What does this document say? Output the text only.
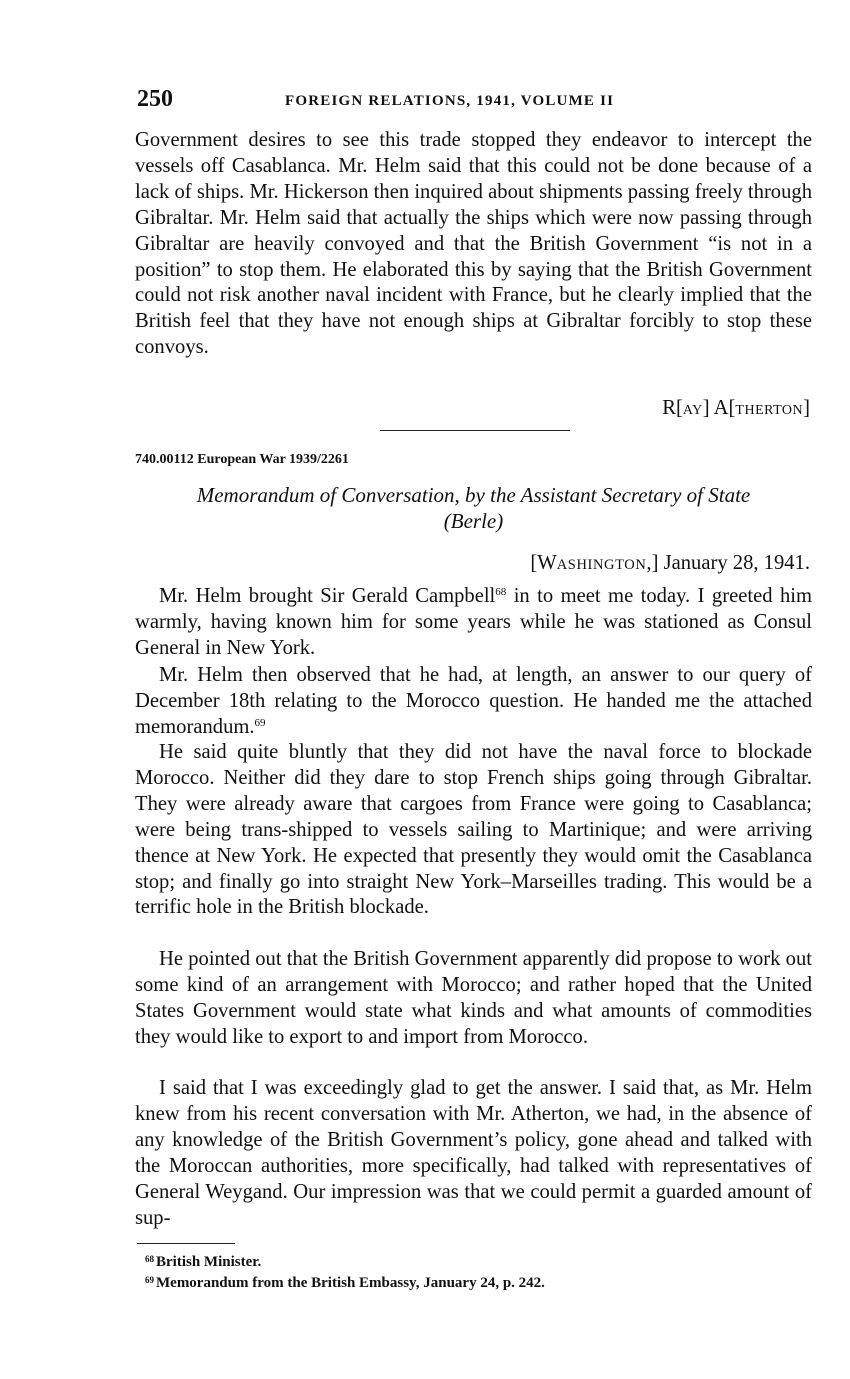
250	FOREIGN RELATIONS, 1941, VOLUME II

Government desires to see this trade stopped they endeavor to intercept the vessels off Casablanca. Mr. Helm said that this could not be done because of a lack of ships. Mr. Hickerson then inquired about shipments passing freely through Gibraltar. Mr. Helm said that actually the ships which were now passing through Gibraltar are heavily convoyed and that the British Government “is not in a position” to stop them. He elaborated this by saying that the British Government could not risk another naval incident with France, but he clearly implied that the British feel that they have not enough ships at Gibraltar forcibly to stop these convoys.

R[AY] A[THERTON]
740.00112 European War 1939/2261
Memorandum of Conversation, by the Assistant Secretary of State
(Berle)
[WASHINGTON,] January 28, 1941.

Mr. Helm brought Sir Gerald Campbell$^{68}$ in to meet me today. I greeted him warmly, having known him for some years while he was stationed as Consul General in New York.

Mr. Helm then observed that he had, at length, an answer to our query of December 18th relating to the Morocco question. He handed me the attached memorandum.$^{69}$

He said quite bluntly that they did not have the naval force to blockade Morocco. Neither did they dare to stop French ships going through Gibraltar. They were already aware that cargoes from France were going to Casablanca; were being trans-shipped to vessels sailing to Martinique; and were arriving thence at New York. He expected that presently they would omit the Casablanca stop; and finally go into straight New York–Marseilles trading. This would be a terrific hole in the British blockade.

He pointed out that the British Government apparently did propose to work out some kind of an arrangement with Morocco; and rather hoped that the United States Government would state what kinds and what amounts of commodities they would like to export to and import from Morocco.

I said that I was exceedingly glad to get the answer. I said that, as Mr. Helm knew from his recent conversation with Mr. Atherton, we had, in the absence of any knowledge of the British Government’s policy, gone ahead and talked with the Moroccan authorities, more specifically, had talked with representatives of General Weygand. Our impression was that we could permit a guarded amount of sup-

$^{68}$ British Minister.
$^{69}$ Memorandum from the British Embassy, January 24, p. 242.
